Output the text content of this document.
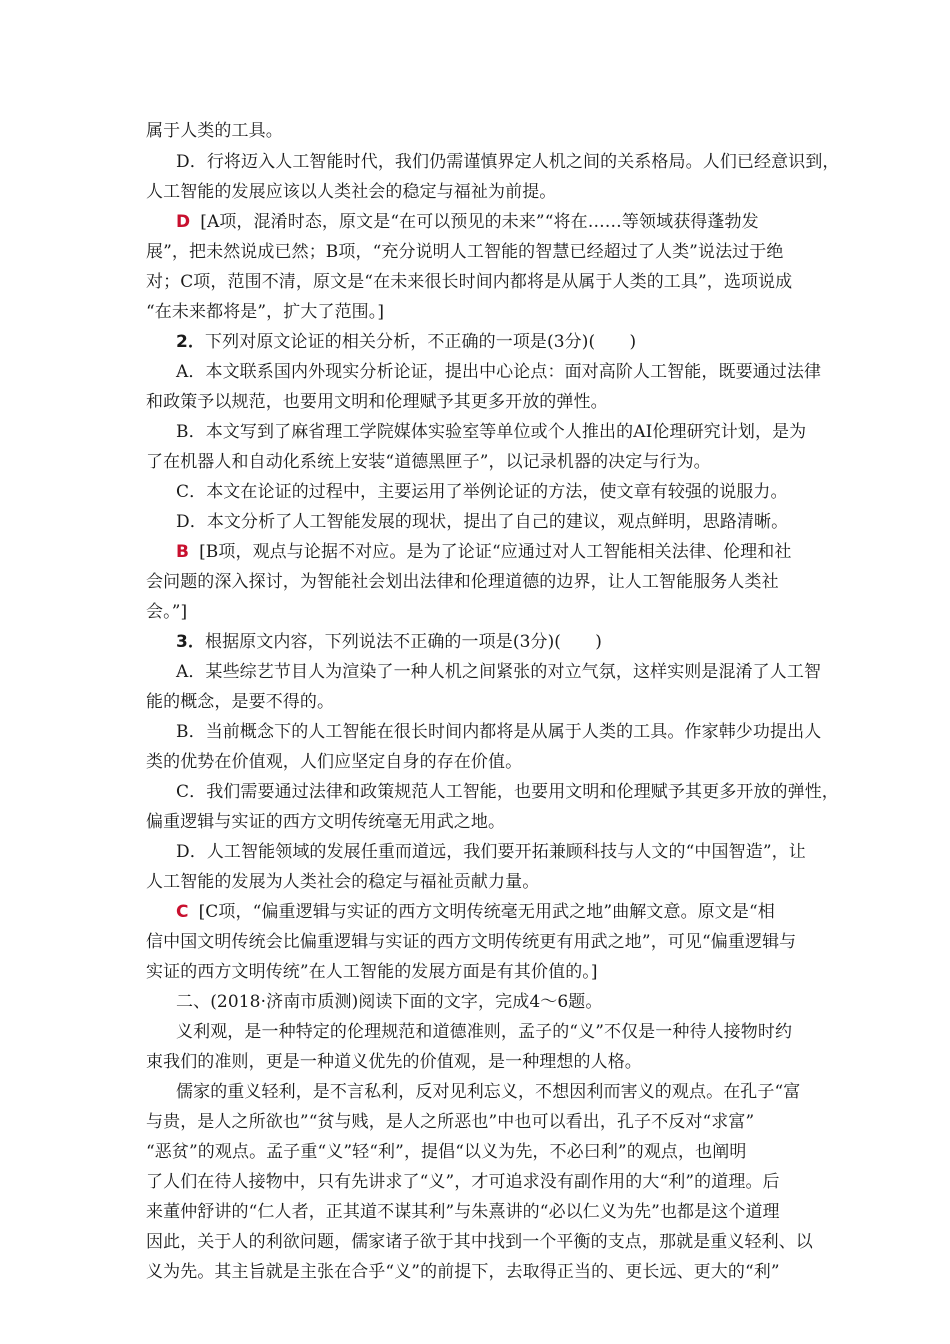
属于人类的工具。
D．行将迈入人工智能时代，我们仍需谨慎界定人机之间的关系格局。人们已经意识到，
人工智能的发展应该以人类社会的稳定与福祉为前提。
D [A项，混淆时态，原文是“在可以预见的未来”“将在……等领域获得蓬勃发
展”，把未然说成已然；B项，“充分说明人工智能的智慧已经超过了人类”说法过于绝
对；C项，范围不清，原文是“在未来很长时间内都将是从属于人类的工具”，选项说成
“在未来都将是”，扩大了范围。]
2．下列对原文论证的相关分析，不正确的一项是(3分)(　　)
A．本文联系国内外现实分析论证，提出中心论点：面对高阶人工智能，既要通过法律
和政策予以规范，也要用文明和伦理赋予其更多开放的弹性。
B．本文写到了麻省理工学院媒体实验室等单位或个人推出的AI伦理研究计划，是为
了在机器人和自动化系统上安装“道德黑匣子”，以记录机器的决定与行为。
C．本文在论证的过程中，主要运用了举例论证的方法，使文章有较强的说服力。
D．本文分析了人工智能发展的现状，提出了自己的建议，观点鲜明，思路清晰。
B [B项，观点与论据不对应。是为了论证“应通过对人工智能相关法律、伦理和社
会问题的深入探讨，为智能社会划出法律和伦理道德的边界，让人工智能服务人类社
会。”]
3．根据原文内容，下列说法不正确的一项是(3分)(　　)
A．某些综艺节目人为渲染了一种人机之间紧张的对立气氛，这样实则是混淆了人工智
能的概念，是要不得的。
B．当前概念下的人工智能在很长时间内都将是从属于人类的工具。作家韩少功提出人
类的优势在价值观，人们应坚定自身的存在价值。
C．我们需要通过法律和政策规范人工智能，也要用文明和伦理赋予其更多开放的弹性，
偏重逻辑与实证的西方文明传统毫无用武之地。
D．人工智能领域的发展任重而道远，我们要开拓兼顾科技与人文的“中国智造”，让
人工智能的发展为人类社会的稳定与福祉贡献力量。
C [C项，“偏重逻辑与实证的西方文明传统毫无用武之地”曲解文意。原文是“相
信中国文明传统会比偏重逻辑与实证的西方文明传统更有用武之地”，可见“偏重逻辑与
实证的西方文明传统”在人工智能的发展方面是有其价值的。]
二、(2018·济南市质测)阅读下面的文字，完成4～6题。
义利观，是一种特定的伦理规范和道德准则，孟子的“义”不仅是一种待人接物时约
束我们的准则，更是一种道义优先的价值观，是一种理想的人格。
儒家的重义轻利，是不言私利，反对见利忘义，不想因利而害义的观点。在孔子“富
与贵，是人之所欲也”“贫与贱，是人之所恶也”中也可以看出，孔子不反对“求富”
“恶贫”的观点。孟子重“义”轻“利”，提倡“以义为先，不必曰利”的观点，也阐明
了人们在待人接物中，只有先讲求了“义”，才可追求没有副作用的大“利”的道理。后
来董仲舒讲的“仁人者，正其道不谋其利”与朱熹讲的“必以仁义为先”也都是这个道理
因此，关于人的利欲问题，儒家诸子欲于其中找到一个平衡的支点，那就是重义轻利、以
义为先。其主旨就是主张在合乎“义”的前提下，去取得正当的、更长远、更大的“利”
